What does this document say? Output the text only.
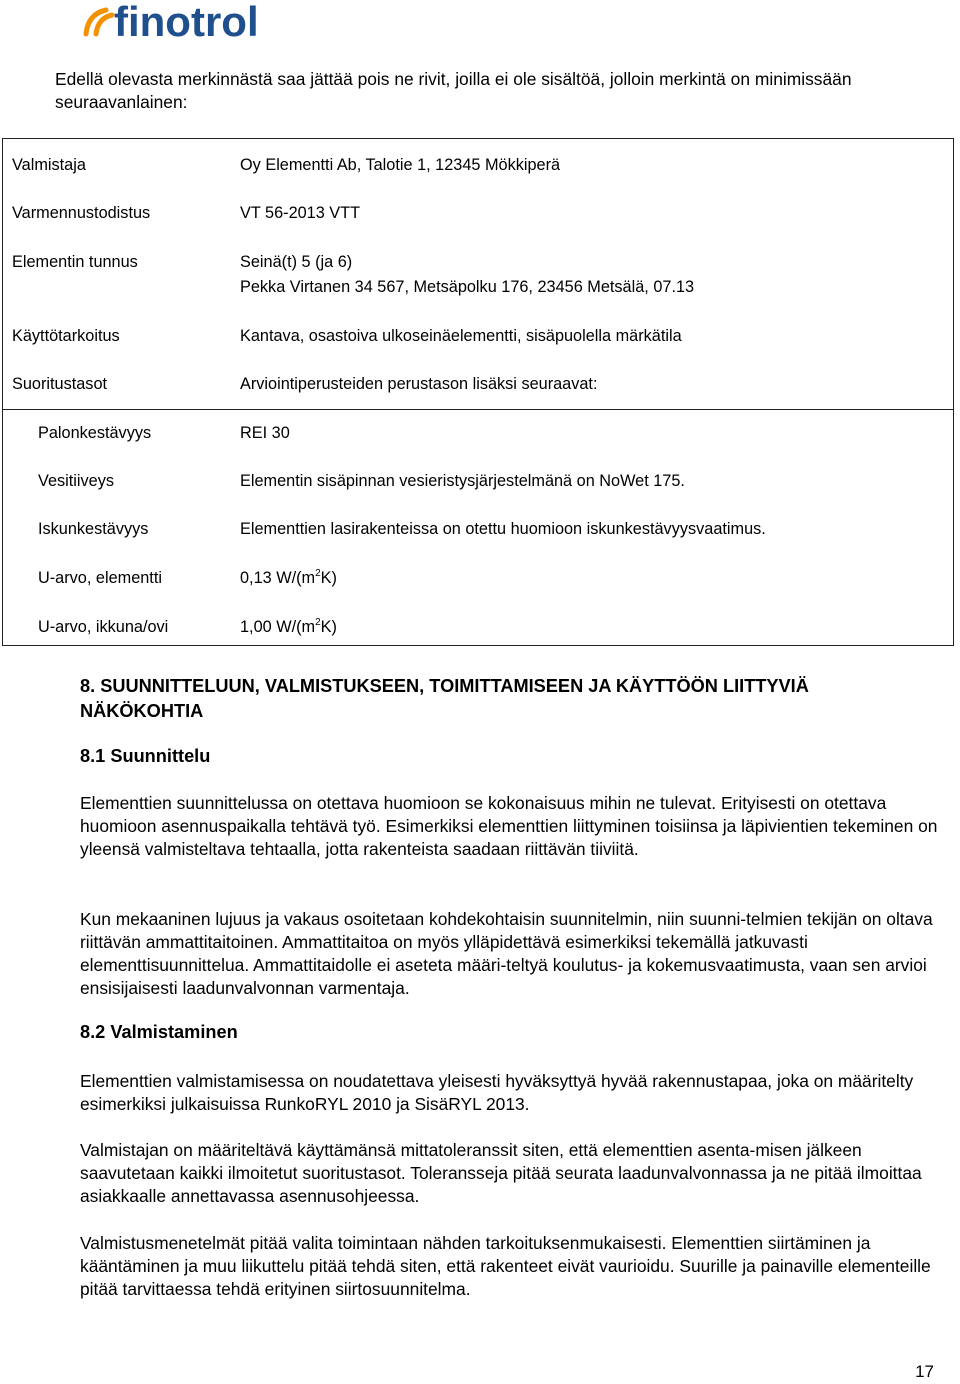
finotrol
Edellä olevasta merkinnästä saa jättää pois ne rivit, joilla ei ole sisältöä, jolloin merkintä on minimissään seuraavanlainen:
Valmistaja	Oy Elementti Ab, Talotie 1, 12345 Mökkiperä
Varmennustodistus	VT 56-2013 VTT
Elementin tunnus	Seinä(t) 5 (ja 6)
Pekka Virtanen 34 567, Metsäpolku 176, 23456 Metsälä, 07.13
Käyttötarkoitus	Kantava, osastoiva ulkoseinäelementti, sisäpuolella märkätila
Suoritustasot	Arviointiperusteiden perustason lisäksi seuraavat:
Palonkestävyys	REI 30
Vesitiiveys	Elementin sisäpinnan vesieristysjärjestelmänä on NoWet 175.
Iskunkestävyys	Elementtien lasirakenteissa on otettu huomioon iskunkestävyysvaatimus.
U-arvo, elementti	0,13 $W/(m^2K)$
U-arvo, ikkuna/ovi	1,00 $W/(m^2K)$
8. SUUNNITTELUUN, VALMISTUKSEEN, TOIMITTAMISEEN JA KÄYTTÖÖN LIITTYVIÄ NÄKÖKOHTIA
8.1 Suunnittelu
Elementtien suunnittelussa on otettava huomioon se kokonaisuus mihin ne tulevat. Erityisesti on otettava huomioon asennuspaikalla tehtävä työ. Esimerkiksi elementtien liittyminen toisiinsa ja läpivientien tekeminen on yleensä valmisteltava tehtaalla, jotta rakenteista saadaan riittävän tiiviitä.
Kun mekaaninen lujuus ja vakaus osoitetaan kohdekohtaisin suunnitelmin, niin suunni-telmien tekijän on oltava riittävän ammattitaitoinen. Ammattitaitoa on myös ylläpidettävä esimerkiksi tekemällä jatkuvasti elementtisuunnittelua. Ammattitaidolle ei aseteta määri-teltyä koulutus- ja kokemusvaatimusta, vaan sen arvioi ensisijaisesti laadunvalvonnan varmentaja.
8.2 Valmistaminen
Elementtien valmistamisessa on noudatettava yleisesti hyväksyttyä hyvää rakennustapaa, joka on määritelty esimerkiksi julkaisuissa RunkoRYL 2010 ja SisäRYL 2013.
Valmistajan on määriteltävä käyttämänsä mittatoleranssit siten, että elementtien asenta-misen jälkeen saavutetaan kaikki ilmoitetut suoritustasot. Toleransseja pitää seurata laadunvalvonnassa ja ne pitää ilmoittaa asiakkaalle annettavassa asennusohjeessa.
Valmistusmenetelmät pitää valita toimintaan nähden tarkoituksenmukaisesti. Elementtien siirtäminen ja kääntäminen ja muu liikuttelu pitää tehdä siten, että rakenteet eivät vaurioidu. Suurille ja painaville elementeille pitää tarvittaessa tehdä erityinen siirtosuunnitelma.
17
